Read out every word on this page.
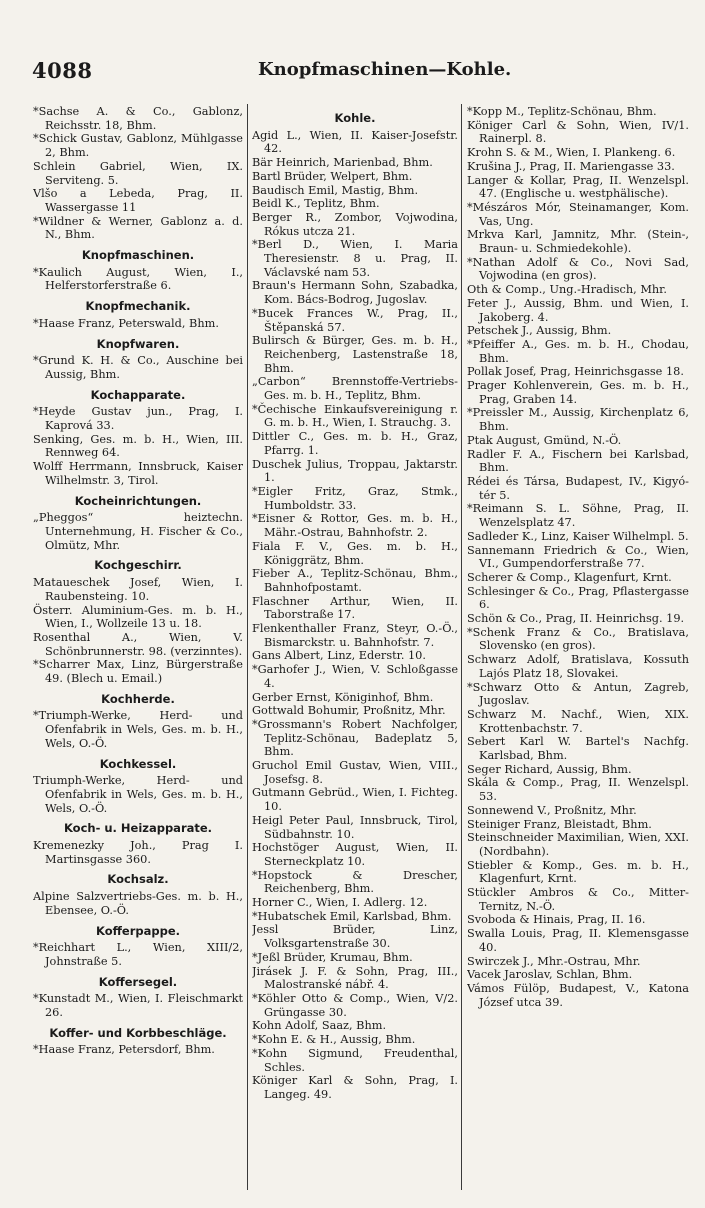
4088	Knopfmaschinen—Kohle.
*Sachse A. & Co., Gablonz, Reichsstr. 18, Bhm.
*Schick Gustav, Gablonz, Mühlgasse 2, Bhm.
Schlein Gabriel, Wien, IX. Serviteng. 5.
Vlšo a Lebeda, Prag, II. Wassergasse 11
*Wildner & Werner, Gablonz a. d. N., Bhm.
Knopfmaschinen.
*Kaulich August, Wien, I., Helferstorferstraße 6.
Knopfmechanik.
*Haase Franz, Peterswald, Bhm.
Knopfwaren.
*Grund K. H. & Co., Auschine bei Aussig, Bhm.
Kochapparate.
*Heyde Gustav jun., Prag, I. Kaprová 33.
Senking, Ges. m. b. H., Wien, III. Rennweg 64.
Wolff Herrmann, Innsbruck, Kaiser Wilhelmstr. 3, Tirol.
Kocheinrichtungen.
„Pheggos“ heiztechn. Unternehmung, H. Fischer & Co., Olmütz, Mhr.
Kochgeschirr.
Mataueschek Josef, Wien, I. Raubensteing. 10.
Österr. Aluminium-Ges. m. b. H., Wien, I., Wollzeile 13 u. 18.
Rosenthal A., Wien, V. Schönbrunnerstr. 98. (verzinntes).
*Scharrer Max, Linz, Bürgerstraße 49. (Blech u. Email.)
Kochherde.
*Triumph-Werke, Herd- und Ofenfabrik in Wels, Ges. m. b. H., Wels, O.-Ö.
Kochkessel.
Triumph-Werke, Herd- und Ofenfabrik in Wels, Ges. m. b. H., Wels, O.-Ö.
Koch- u. Heizapparate.
Kremenezky Joh., Prag I. Martinsgasse 360.
Kochsalz.
Alpine Salzvertriebs-Ges. m. b. H., Ebensee, O.-Ö.
Kofferpappe.
*Reichhart L., Wien, XIII/2, Johnstraße 5.
Koffersegel.
*Kunstadt M., Wien, I. Fleischmarkt 26.
Koffer- und Korbbeschläge.
*Haase Franz, Petersdorf, Bhm.
Kohle.
Agid L., Wien, II. Kaiser-Josefstr. 42.
Bär Heinrich, Marienbad, Bhm.
Bartl Brüder, Welpert, Bhm.
Baudisch Emil, Mastig, Bhm.
Beidl K., Teplitz, Bhm.
Berger R., Zombor, Vojwodina, Rókus utcza 21.
*Berl D., Wien, I. Maria Theresienstr. 8 u. Prag, II. Václavské nam 53.
Braun's Hermann Sohn, Szabadka, Kom. Bács-Bodrog, Jugoslav.
*Bucek Frances W., Prag, II., Štěpanská 57.
Bulirsch & Bürger, Ges. m. b. H., Reichenberg, Lastenstraße 18, Bhm.
„Carbon“ Brennstoffe-Vertriebs-Ges. m. b. H., Teplitz, Bhm.
*Čechische Einkaufsvereinigung r. G. m. b. H., Wien, I. Strauchg. 3.
Dittler C., Ges. m. b. H., Graz, Pfarrg. 1.
Duschek Julius, Troppau, Jaktarstr. 1.
*Eigler Fritz, Graz, Stmk., Humboldstr. 33.
*Eisner & Rottor, Ges. m. b. H., Mähr.-Ostrau, Bahnhofstr. 2.
Fiala F. V., Ges. m. b. H., Königgrätz, Bhm.
Fieber A., Teplitz-Schönau, Bhm., Bahnhofpostamt.
Flaschner Arthur, Wien, II. Taborstraße 17.
Flenkenthaller Franz, Steyr, O.-Ö., Bismarckstr. u. Bahnhofstr. 7.
Gans Albert, Linz, Ederstr. 10.
*Garhofer J., Wien, V. Schloßgasse 4.
Gerber Ernst, Königinhof, Bhm.
Gottwald Bohumir, Proßnitz, Mhr.
*Grossmann's Robert Nachfolger, Teplitz-Schönau, Badeplatz 5, Bhm.
Gruchol Emil Gustav, Wien, VIII., Josefsg. 8.
Gutmann Gebrüd., Wien, I. Fichteg. 10.
Heigl Peter Paul, Innsbruck, Tirol, Südbahnstr. 10.
Hochstöger August, Wien, II. Sterneckplatz 10.
*Hopstock & Drescher, Reichenberg, Bhm.
Horner C., Wien, I. Adlerg. 12.
*Hubatschek Emil, Karlsbad, Bhm.
Jessl Brüder, Linz, Volksgartenstraße 30.
*Jeßl Brüder, Krumau, Bhm.
Jirásek J. F. & Sohn, Prag, III., Malostranské nábř. 4.
*Köhler Otto & Comp., Wien, V/2. Grüngasse 30.
Kohn Adolf, Saaz, Bhm.
*Kohn E. & H., Aussig, Bhm.
*Kohn Sigmund, Freudenthal, Schles.
Königer Karl & Sohn, Prag, I. Langeg. 49.
*Kopp M., Teplitz-Schönau, Bhm.
Königer Carl & Sohn, Wien, IV/1. Rainerpl. 8.
Krohn S. & M., Wien, I. Plankeng. 6.
Krušina J., Prag, II. Mariengasse 33.
Langer & Kollar, Prag, II. Wenzelspl. 47. (Englische u. westphälische).
*Mészáros Mór, Steinamanger, Kom. Vas, Ung.
Mrkva Karl, Jamnitz, Mhr. (Stein-, Braun- u. Schmiedekohle).
*Nathan Adolf & Co., Novi Sad, Vojwodina (en gros).
Oth & Comp., Ung.-Hradisch, Mhr.
Feter J., Aussig, Bhm. und Wien, I. Jakoberg. 4.
Petschek J., Aussig, Bhm.
*Pfeiffer A., Ges. m. b. H., Chodau, Bhm.
Pollak Josef, Prag, Heinrichsgasse 18.
Prager Kohlenverein, Ges. m. b. H., Prag, Graben 14.
*Preissler M., Aussig, Kirchenplatz 6, Bhm.
Ptak August, Gmünd, N.-Ö.
Radler F. A., Fischern bei Karlsbad, Bhm.
Rédei és Társa, Budapest, IV., Kigyó-tér 5.
*Reimann S. L. Söhne, Prag, II. Wenzelsplatz 47.
Sadleder K., Linz, Kaiser Wilhelmpl. 5.
Sannemann Friedrich & Co., Wien, VI., Gumpendorferstraße 77.
Scherer & Comp., Klagenfurt, Krnt.
Schlesinger & Co., Prag, Pflastergasse 6.
Schön & Co., Prag, II. Heinrichsg. 19.
*Schenk Franz & Co., Bratislava, Slovensko (en gros).
Schwarz Adolf, Bratislava, Kossuth Lajós Platz 18, Slovakei.
*Schwarz Otto & Antun, Zagreb, Jugoslav.
Schwarz M. Nachf., Wien, XIX. Krottenbachstr. 7.
Sebert Karl W. Bartel's Nachfg. Karlsbad, Bhm.
Seger Richard, Aussig, Bhm.
Skála & Comp., Prag, II. Wenzelspl. 53.
Sonnewend V., Proßnitz, Mhr.
Steiniger Franz, Bleistadt, Bhm.
Steinschneider Maximilian, Wien, XXI. (Nordbahn).
Stiebler & Komp., Ges. m. b. H., Klagenfurt, Krnt.
Stückler Ambros & Co., Mitter-Ternitz, N.-Ö.
Svoboda & Hinais, Prag, II. 16.
Swalla Louis, Prag, II. Klemensgasse 40.
Swirczek J., Mhr.-Ostrau, Mhr.
Vacek Jaroslav, Schlan, Bhm.
Vámos Fülöp, Budapest, V., Katona József utca 39.
